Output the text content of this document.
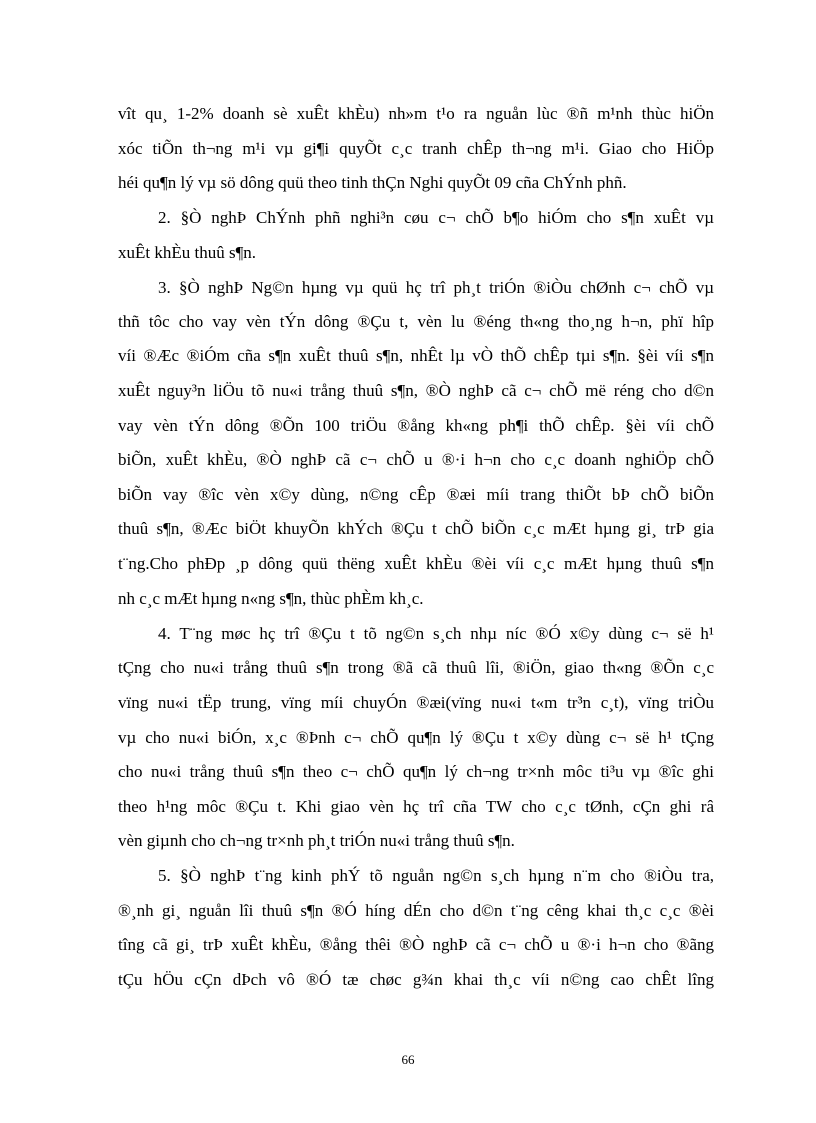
vît qu¸ 1-2% doanh sè xuÊt khÈu) nh»m t¹o ra nguån lùc ®ñ m¹nh thùc hiÖn
xóc tiÕn th¬ng m¹i vµ gi¶i quyÕt c¸c tranh chÊp th¬ng m¹i. Giao cho HiÖp
héi qu¶n lý vµ sö dông quü theo tinh thÇn Nghi quyÕt 09 cña ChÝnh phñ.
2. §Ò nghÞ ChÝnh phñ nghi³n cøu c¬ chÕ b¶o hiÓm cho s¶n xuÊt vµ
xuÊt khÈu thuû s¶n.
3. §Ò nghÞ Ng©n hµng vµ quü hç trî ph¸t triÓn ®iÒu chØnh c¬ chÕ vµ
thñ tôc cho vay vèn tÝn dông ®Çu t, vèn lu ®éng th«ng tho¸ng h¬n, phï hîp
víi ®Æc ®iÓm cña s¶n xuÊt thuû s¶n, nhÊt lµ vÒ thÕ chÊp tµi s¶n. §èi víi s¶n
xuÊt nguy³n liÖu tõ nu«i trång thuû s¶n, ®Ò nghÞ cã c¬ chÕ më réng cho d©n
vay vèn tÝn dông ®Õn 100 triÖu ®ång kh«ng ph¶i thÕ chÊp. §èi víi chÕ
biÕn, xuÊt khÈu, ®Ò nghÞ cã c¬ chÕ u ®·i h¬n cho c¸c doanh nghiÖp chÕ
biÕn vay ®îc vèn x©y dùng, n©ng cÊp ®æi míi trang thiÕt bÞ chÕ biÕn
thuû s¶n, ®Æc biÖt khuyÕn khÝch ®Çu t chÕ biÕn c¸c mÆt hµng gi¸ trÞ gia
t¨ng.Cho phÐp ¸p dông quü thëng xuÊt khÈu ®èi víi c¸c mÆt hµng thuû s¶n
nh c¸c mÆt hµng n«ng s¶n, thùc phÈm kh¸c.
4. T¨ng møc hç trî ®Çu t tõ ng©n s¸ch nhµ níc ®Ó x©y dùng c¬ së h¹
tÇng cho nu«i trång thuû s¶n trong ®ã cã thuû lîi, ®iÖn, giao th«ng ®Õn c¸c
vïng nu«i tËp trung, vïng míi chuyÓn ®æi(vïng nu«i t«m tr³n c¸t), vïng triÒu
vµ cho nu«i biÓn, x¸c ®Þnh c¬ chÕ qu¶n lý ®Çu t x©y dùng c¬ së h¹ tÇng
cho nu«i trång thuû s¶n theo c¬ chÕ qu¶n lý ch¬ng tr×nh môc ti³u vµ ®îc ghi
theo h¹ng môc ®Çu t. Khi giao vèn hç trî cña TW cho c¸c tØnh, cÇn ghi râ
vèn giµnh cho ch¬ng tr×nh ph¸t triÓn nu«i trång thuû s¶n.
5. §Ò nghÞ t¨ng kinh phÝ tõ nguån ng©n s¸ch hµng n¨m cho ®iÒu tra,
®¸nh gi¸ nguån lîi thuû s¶n ®Ó híng dÉn cho d©n t¨ng cêng khai th¸c c¸c ®èi
tîng cã gi¸ trÞ xuÊt khÈu, ®ång thêi ®Ò nghÞ cã c¬ chÕ u ®·i h¬n cho ®ãng
tÇu hÖu cÇn dÞch vô ®Ó tæ chøc g¾n khai th¸c víi n©ng cao chÊt lîng
66
